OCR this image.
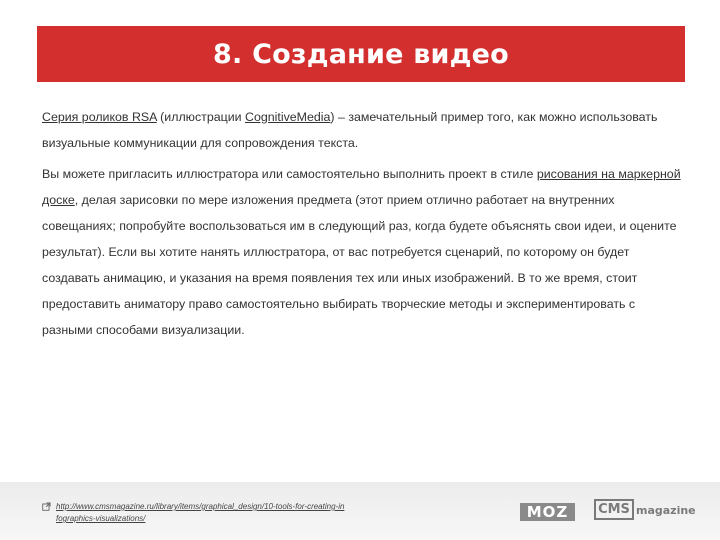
8. Создание видео

Серия роликов RSA (иллюстрации CognitiveMedia) – замечательный пример того, как можно использовать визуальные коммуникации для сопровождения текста.

Вы можете пригласить иллюстратора или самостоятельно выполнить проект в стиле рисования на маркерной доске, делая зарисовки по мере изложения предмета (этот прием отлично работает на внутренних совещаниях; попробуйте воспользоваться им в следующий раз, когда будете объяснять свои идеи, и оцените результат). Если вы хотите нанять иллюстратора, от вас потребуется сценарий, по которому он будет создавать анимацию, и указания на время появления тех или иных изображений. В то же время, стоит предоставить аниматору право самостоятельно выбирать творческие методы и экспериментировать с разными способами визуализации.

http://www.cmsmagazine.ru/library/items/graphical_design/10-tools-for-creating-infographics-visualizations/	MOZ	CMS magazine
